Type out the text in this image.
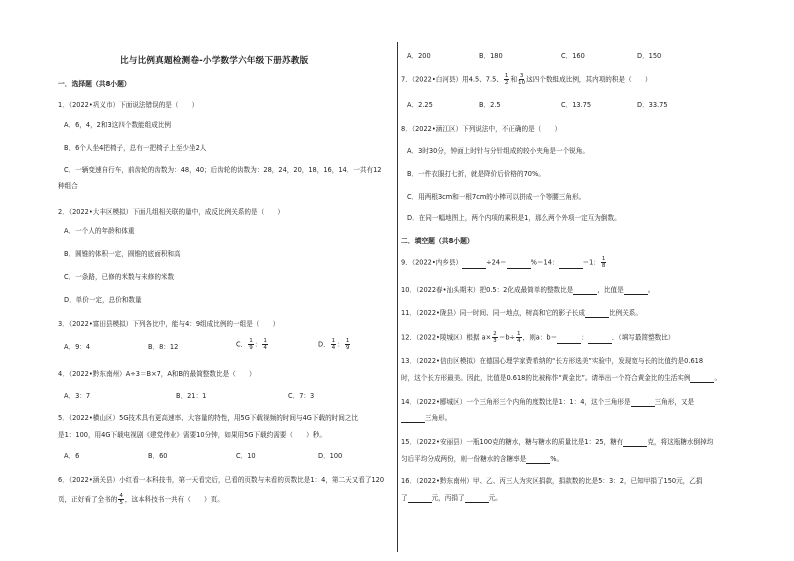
比与比例真题检测卷-小学数学六年级下册苏教版
一．选择题（共8小题）
1．（2022•巩义市）下面说法错误的是（　　）
A．6，4，2和3这四个数能组成比例
B．6个人坐4把椅子，总有一把椅子上至少坐2人
C．一辆变速自行车，前齿轮的齿数为：48，40；后齿轮的齿数为：28，24，20，18，16，14．一共有12
种组合
2．（2022•大丰区模拟）下面几组相关联的量中，成反比例关系的是（　　）
A．一个人的年龄和体重
B．圆锥的体积一定，圆锥的底面积和高
C．一条路，已修的米数与未修的米数
D．单价一定，总价和数量
3．（2022•富田县模拟）下列各比中，能与4：9组成比例的一组是（　　）
A．9：4	B．8：12	C． $\frac{1}{9}$ ： $\frac{1}{4}$	D． $\frac{1}{4}$ ： $\frac{1}{9}$
4．（2022•黔东南州）A÷3＝B×7，A和B的最简整数比是（　　）
A．3：7	B．21：1	C．7：3
5．（2022•横山区）5G技术具有更高速率、大容量的特性，用5G下载视频的时间与4G下载的时间之比
是1：100，用4G下载电视剧《建党伟业》需要10分钟，如果用5G下载约需要（　　）秒。
A．6	B．60	C．10	D．100
6．（2022•涵关县）小红看一本科技书，第一天看完后，已看的页数与未看的页数比是1：4，第二天又看了120
页，正好看了全书的 $\frac{4}{5}$ ，这本科技书一共有（　　）页。
A．200	B．180	C．160	D．150
7．（2022•白河县）用4.5、7.5、 $\frac{1}{2}$ 和 $\frac{3}{10}$ 这四个数组成比例，其内项的积是（　　）
A．2.25	B．2.5	C．13.75	D．33.75
8．（2022•涵江区）下列说法中，不正确的是（　　）
A．3时30分，钟面上时针与分针组成的较小夹角是一个锐角。
B．一件衣服打七折，就是降价后价格的70%。
C．用两根3cm和一根7cm的小棒可以拼成一个等腰三角形。
D．在同一幅地图上，两个内项的乘积是1，那么两个外项一定互为倒数。
二．填空题（共8小题）
9．（2022•内乡县）	÷24＝	%＝14：	＝1： $\frac{1}{8}$
10．（2022春•汕头期末）把0.5：2化成最简单的整数比是	，比值是	。
11．（2022•陇县）同一时间、同一地点，树高和它的影子长成	比例关系。
12．（2022•陵城区）根据 $a\times \frac{2}{3} =b\div \frac{1}{4}$ ，则a：b＝	：	．（填写最简整数比）
13．（2022•信由区模拟）在德国心理学家费希纳的“长方形选美”实验中，发现宽与长的比值约是0.618
时，这个长方形最美。因此，比值是0.618的比被称作“黄金比”。请举出一个符合黄金比的生活实例	。
14．（2022•郾城区）一个三角形三个内角的度数比是1：1：4，这个三角形是	三角形，又是
三角形。
15．（2022•安丽县）一瓶100克的糖水，糖与糖水的质量比是1：25，糖有	克，将这瓶糖水倒掉均
匀后平均分成两份，则一份糖水的含糖率是	%。
16．（2022•黔东南州）甲、乙、丙三人为灾区捐款，捐款数的比是5：3：2，已知甲捐了150元，乙捐
了	元，丙捐了	元。
